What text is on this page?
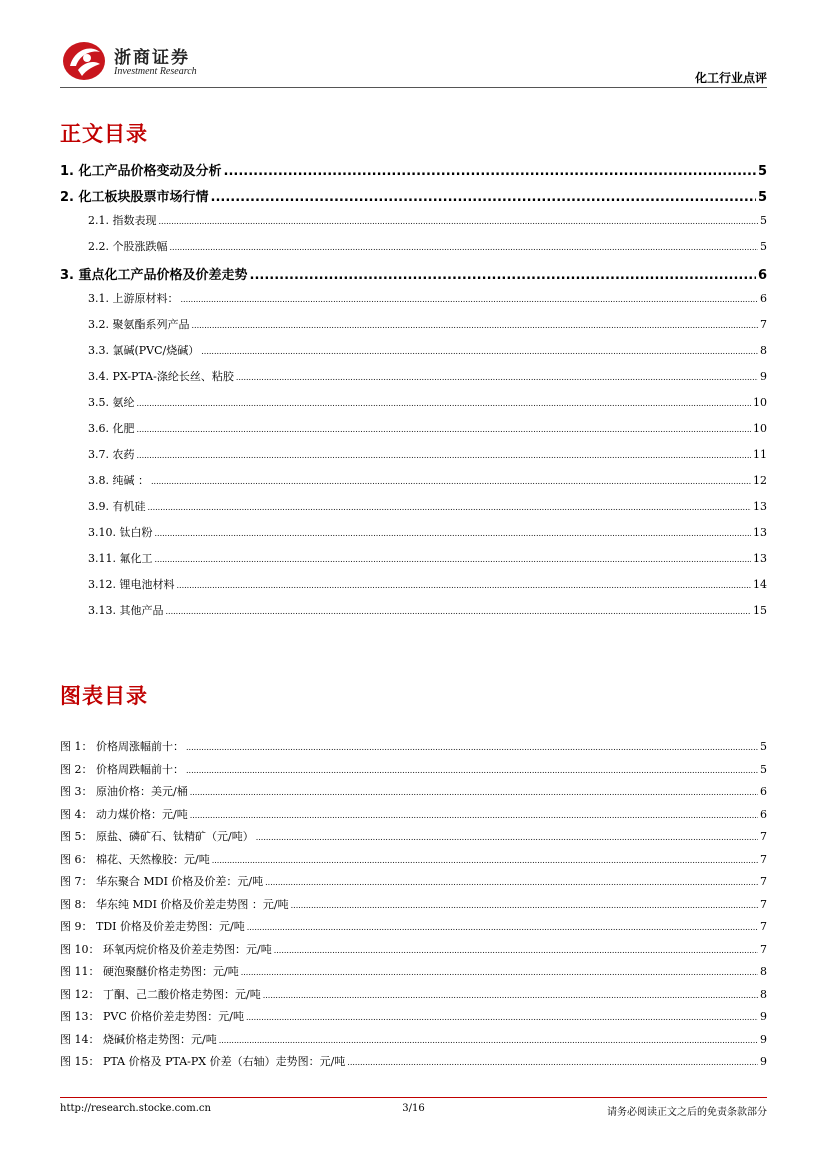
浙商证券
Investment Research	化工行业点评
正文目录
1. 化工产品价格变动及分析 .....	5
2. 化工板块股票市场行情 .....	5
2.1. 指数表现 .....	5
2.2. 个股涨跌幅 .....	5
3. 重点化工产品价格及价差走势 .....	6
3.1. 上游原材料： .....	6
3.2. 聚氨酯系列产品 .....	7
3.3. 氯碱(PVC/烧碱） .....	8
3.4. PX-PTA-涤纶长丝、粘胶 .....	9
3.5. 氨纶 .....	10
3.6. 化肥 .....	10
3.7. 农药 .....	11
3.8. 纯碱 ： .....	12
3.9. 有机硅 .....	13
3.10. 钛白粉 .....	13
3.11. 氟化工 .....	13
3.12. 锂电池材料 .....	14
3.13. 其他产品 .....	15
图表目录
图 1： 价格周涨幅前十： .....	5
图 2： 价格周跌幅前十： .....	5
图 3： 原油价格：美元/桶 .....	6
图 4： 动力煤价格：元/吨 .....	6
图 5： 原盐、磷矿石、钛精矿（元/吨） .....	7
图 6： 棉花、天然橡胶：元/吨 .....	7
图 7： 华东聚合 MDI 价格及价差：元/吨 .....	7
图 8： 华东纯 MDI 价格及价差走势图 ：元/吨 .....	7
图 9： TDI 价格及价差走势图：元/吨 .....	7
图 10： 环氧丙烷价格及价差走势图：元/吨 .....	7
图 11： 硬泡聚醚价格走势图：元/吨 .....	8
图 12： 丁酮、己二酸价格走势图：元/吨 .....	8
图 13： PVC 价格价差走势图：元/吨 .....	9
图 14： 烧碱价格走势图：元/吨 .....	9
图 15： PTA 价格及 PTA-PX 价差（右轴）走势图：元/吨 .....	9
http://research.stocke.com.cn	3/16	请务必阅读正文之后的免责条款部分
